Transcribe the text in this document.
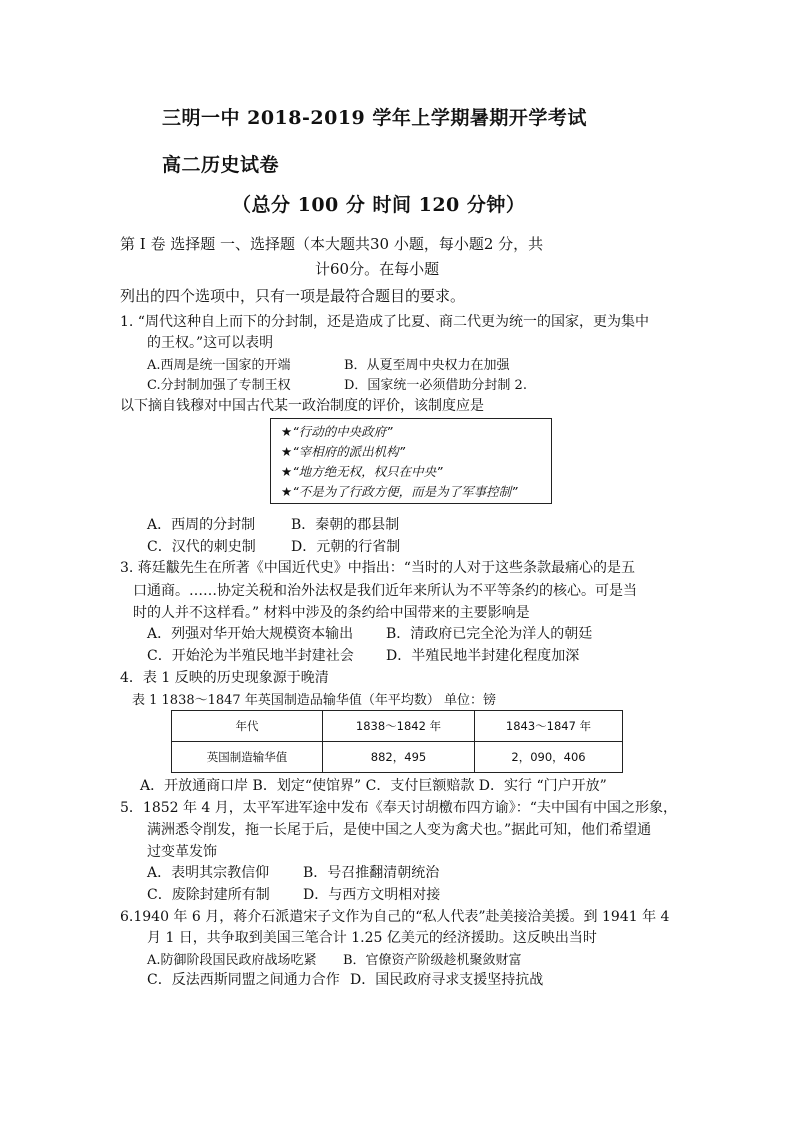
三明一中 2018-2019 学年上学期暑期开学考试
高二历史试卷
（总分 100 分 时间 120 分钟）
第 I 卷 选择题 一、选择题（本大题共30 小题，每小题2 分，共
计60分。在每小题
列出的四个选项中，只有一项是最符合题目的要求。
1. “周代这种自上而下的分封制，还是造成了比夏、商二代更为统一的国家，更为集中
的王权。”这可以表明
A.西周是统一国家的开端	B．从夏至周中央权力在加强
C.分封制加强了专制王权	D．国家统一必须借助分封制 2.
以下摘自钱穆对中国古代某一政治制度的评价，该制度应是
★“行动的中央政府”
★“宰相府的派出机构”
★“地方绝无权，权只在中央”
★“不是为了行政方便，而是为了军事控制”
A．西周的分封制	B．秦朝的郡县制
C．汉代的刺史制	D．元朝的行省制
3. 蒋廷黻先生在所著《中国近代史》中指出：“当时的人对于这些条款最痛心的是五
口通商。……协定关税和治外法权是我们近年来所认为不平等条约的核心。可是当
时的人并不这样看。” 材料中涉及的条约给中国带来的主要影响是
A．列强对华开始大规模资本输出 B．清政府已完全沦为洋人的朝廷
C．开始沦为半殖民地半封建社会 D．半殖民地半封建化程度加深
4．表 1 反映的历史现象源于晚清
表 1 1838～1847 年英国制造品输华值（年平均数） 单位：镑
年代	1838～1842 年	1843～1847 年
英国制造输华值	882，495	2，090，406
A．开放通商口岸 B．划定“使馆界” C．支付巨额赔款 D．实行 “门户开放”
5．1852 年 4 月，太平军进军途中发布《奉天讨胡檄布四方谕》：“夫中国有中国之形象，
满洲悉令削发，拖一长尾于后，是使中国之人变为禽犬也。”据此可知，他们希望通
过变革发饰
A．表明其宗教信仰 B．号召推翻清朝统治
C．废除封建所有制 D．与西方文明相对接
6.1940 年 6 月，蒋介石派遣宋子文作为自己的“私人代表”赴美接洽美援。到 1941 年 4
月 1 日，共争取到美国三笔合计 1.25 亿美元的经济援助。这反映出当时
A.防御阶段国民政府战场吃紧 B．官僚资产阶级趁机聚敛财富
C．反法西斯同盟之间通力合作 D．国民政府寻求支援坚持抗战
